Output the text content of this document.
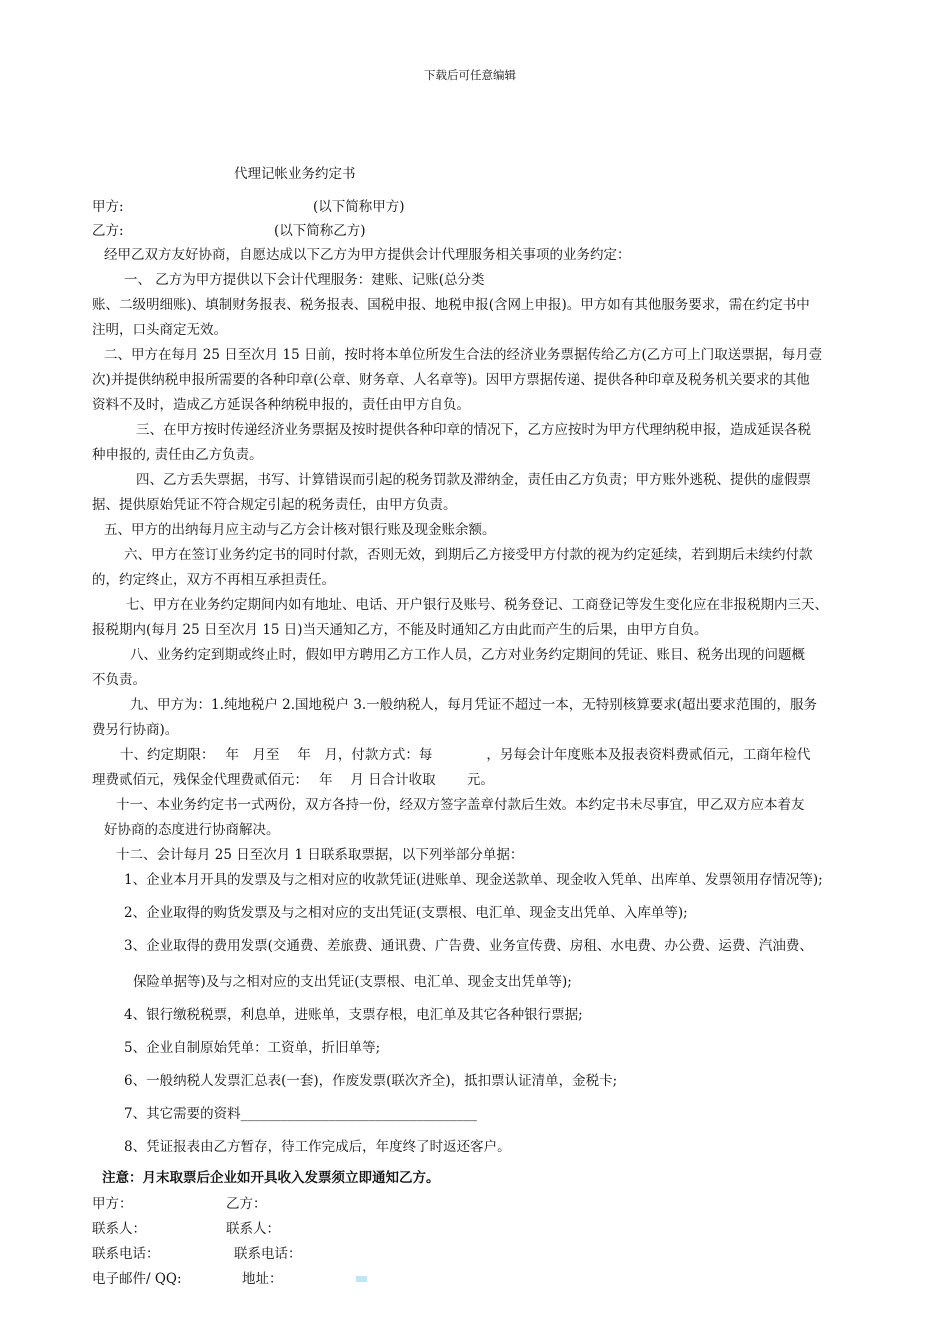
下载后可任意编辑
代理记帐业务约定书
甲方:	(以下简称甲方)
乙方:	(以下简称乙方)
经甲乙双方友好协商，自愿达成以下乙方为甲方提供会计代理服务相关事项的业务约定：
一、 乙方为甲方提供以下会计代理服务：建账、记账(总分类
账、二级明细账)、填制财务报表、税务报表、国税申报、地税申报(含网上申报)。甲方如有其他服务要求，需在约定书中
注明，口头商定无效。
二、甲方在每月 25 日至次月 15 日前，按时将本单位所发生合法的经济业务票据传给乙方(乙方可上门取送票据，每月壹
次)并提供纳税申报所需要的各种印章(公章、财务章、人名章等)。因甲方票据传递、提供各种印章及税务机关要求的其他
资料不及时，造成乙方延误各种纳税申报的，责任由甲方自负。
三、在甲方按时传递经济业务票据及按时提供各种印章的情况下，乙方应按时为甲方代理纳税申报，造成延误各税
种申报的, 责任由乙方负责。
四、乙方丢失票据，书写、计算错误而引起的税务罚款及滞纳金，责任由乙方负责；甲方账外逃税、提供的虚假票
据、提供原始凭证不符合规定引起的税务责任，由甲方负责。
五、甲方的出纳每月应主动与乙方会计核对银行账及现金账余额。
六、甲方在签订业务约定书的同时付款，否则无效，到期后乙方接受甲方付款的视为约定延续，若到期后未续约付款
的，约定终止，双方不再相互承担责任。
七、甲方在业务约定期间内如有地址、电话、开户银行及账号、税务登记、工商登记等发生变化应在非报税期内三天、
报税期内(每月 25 日至次月 15 日)当天通知乙方，不能及时通知乙方由此而产生的后果，由甲方自负。
八、业务约定到期或终止时，假如甲方聘用乙方工作人员，乙方对业务约定期间的凭证、账目、税务出现的问题概
不负责。
九、甲方为：1.纯地税户 2.国地税户 3.一般纳税人，每月凭证不超过一本，无特别核算要求(超出要求范围的，服务
费另行协商)。
十、约定期限：　 年　月至　 年　月，付款方式：每　　　　，另每会计年度账本及报表资料费贰佰元，工商年检代
理费贰佰元，残保金代理费贰佰元：　 年　 月 日合计收取　　 元。
十一、本业务约定书一式两份，双方各持一份，经双方签字盖章付款后生效。本约定书未尽事宜，甲乙双方应本着友
好协商的态度进行协商解决。
十二、会计每月 25 日至次月 1 日联系取票据，以下列举部分单据：
1、企业本月开具的发票及与之相对应的收款凭证(进账单、现金送款单、现金收入凭单、出库单、发票领用存情况等);
2、企业取得的购货发票及与之相对应的支出凭证(支票根、电汇单、现金支出凭单、入库单等);
3、企业取得的费用发票(交通费、差旅费、通讯费、广告费、业务宣传费、房租、水电费、办公费、运费、汽油费、
保险单据等)及与之相对应的支出凭证(支票根、电汇单、现金支出凭单等);
4、银行缴税税票，利息单，进账单，支票存根，电汇单及其它各种银行票据;
5、企业自制原始凭单：工资单，折旧单等;
6、一般纳税人发票汇总表(一套)，作废发票(联次齐全)，抵扣票认证清单，金税卡;
7、其它需要的资料___________________________________
8、凭证报表由乙方暂存，待工作完成后，年度终了时返还客户。
注意：月末取票后企业如开具收入发票须立即通知乙方。
甲方：	乙方：
联系人：	联系人：
联系电话：	联系电话：
电子邮件/ QQ:	地址：
